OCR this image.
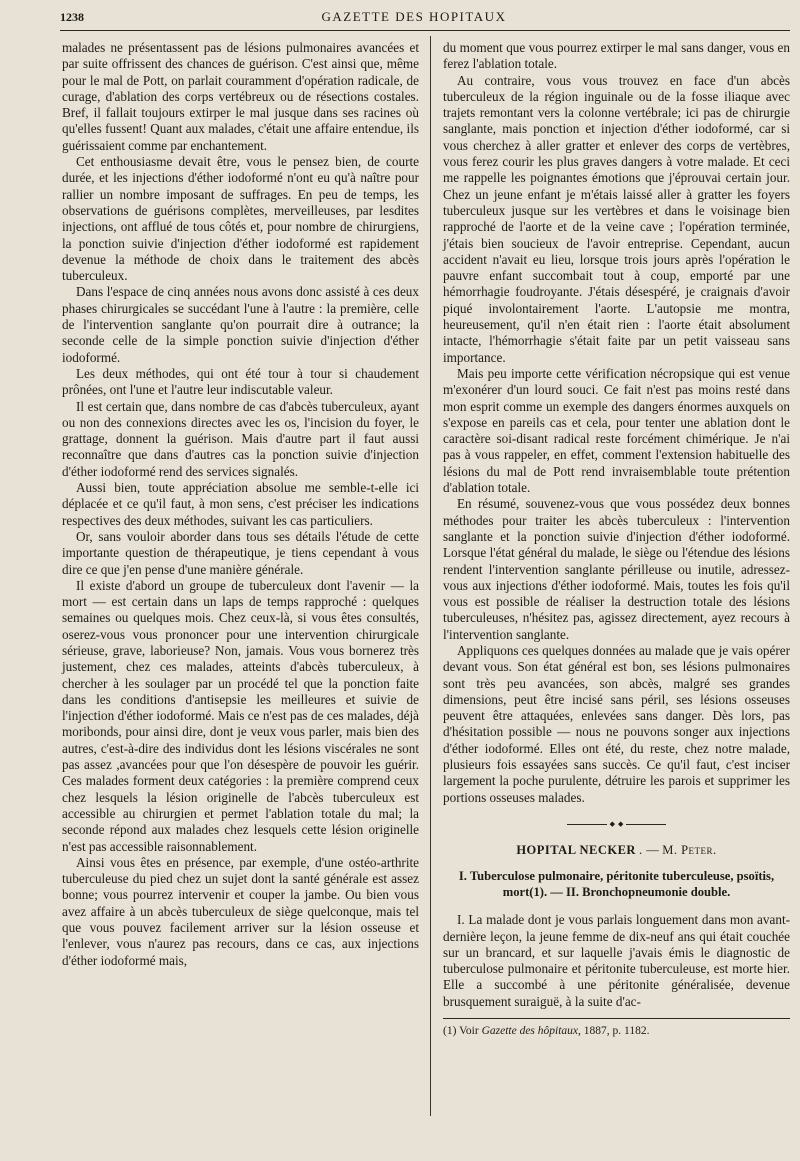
1238	GAZETTE DES HOPITAUX

malades ne présentassent pas de lésions pulmonaires avancées et par suite offrissent des chances de guérison. C'est ainsi que, même pour le mal de Pott, on parlait couramment d'opération radicale, de curage, d'ablation des corps vertébreux ou de résections costales. Bref, il fallait toujours extirper le mal jusque dans ses racines où qu'elles fussent! Quant aux malades, c'était une affaire entendue, ils guérissaient comme par enchantement.

Cet enthousiasme devait être, vous le pensez bien, de courte durée, et les injections d'éther iodoformé n'ont eu qu'à naître pour rallier un nombre imposant de suffrages. En peu de temps, les observations de guérisons complètes, merveilleuses, par lesdites injections, ont afflué de tous côtés et, pour nombre de chirurgiens, la ponction suivie d'injection d'éther iodoformé est rapidement devenue la méthode de choix dans le traitement des abcès tuberculeux.

Dans l'espace de cinq années nous avons donc assisté à ces deux phases chirurgicales se succédant l'une à l'autre : la première, celle de l'intervention sanglante qu'on pourrait dire à outrance; la seconde celle de la simple ponction suivie d'injection d'éther iodoformé.

Les deux méthodes, qui ont été tour à tour si chaudement prônées, ont l'une et l'autre leur indiscutable valeur.

Il est certain que, dans nombre de cas d'abcès tuberculeux, ayant ou non des connexions directes avec les os, l'incision du foyer, le grattage, donnent la guérison. Mais d'autre part il faut aussi reconnaître que dans d'autres cas la ponction suivie d'injection d'éther iodoformé rend des services signalés.

Aussi bien, toute appréciation absolue me semble-t-elle ici déplacée et ce qu'il faut, à mon sens, c'est préciser les indications respectives des deux méthodes, suivant les cas particuliers.

Or, sans vouloir aborder dans tous ses détails l'étude de cette importante question de thérapeutique, je tiens cependant à vous dire ce que j'en pense d'une manière générale.

Il existe d'abord un groupe de tuberculeux dont l'avenir — la mort — est certain dans un laps de temps rapproché : quelques semaines ou quelques mois. Chez ceux-là, si vous êtes consultés, oserez-vous vous prononcer pour une intervention chirurgicale sérieuse, grave, laborieuse? Non, jamais. Vous vous bornerez très justement, chez ces malades, atteints d'abcès tuberculeux, à chercher à les soulager par un procédé tel que la ponction faite dans les conditions d'antisepsie les meilleures et suivie de l'injection d'éther iodoformé. Mais ce n'est pas de ces malades, déjà moribonds, pour ainsi dire, dont je veux vous parler, mais bien des autres, c'est-à-dire des individus dont les lésions viscérales ne sont pas assez ,avancées pour que l'on désespère de pouvoir les guérir. Ces malades forment deux catégories : la première comprend ceux chez lesquels la lésion originelle de l'abcès tuberculeux est accessible au chirurgien et permet l'ablation totale du mal; la seconde répond aux malades chez lesquels cette lésion originelle n'est pas accessible raisonnablement.

Ainsi vous êtes en présence, par exemple, d'une ostéo-arthrite tuberculeuse du pied chez un sujet dont la santé générale est assez bonne; vous pourrez intervenir et couper la jambe. Ou bien vous avez affaire à un abcès tuberculeux de siège quelconque, mais tel que vous pouvez facilement arriver sur la lésion osseuse et l'enlever, vous n'aurez pas recours, dans ce cas, aux injections d'éther iodoformé mais,

du moment que vous pourrez extirper le mal sans danger, vous en ferez l'ablation totale.

Au contraire, vous vous trouvez en face d'un abcès tuberculeux de la région inguinale ou de la fosse iliaque avec trajets remontant vers la colonne vertébrale; ici pas de chirurgie sanglante, mais ponction et injection d'éther iodoformé, car si vous cherchez à aller gratter et enlever des corps de vertèbres, vous ferez courir les plus graves dangers à votre malade. Et ceci me rappelle les poignantes émotions que j'éprouvai certain jour. Chez un jeune enfant je m'étais laissé aller à gratter les foyers tuberculeux jusque sur les vertèbres et dans le voisinage bien rapproché de l'aorte et de la veine cave ; l'opération terminée, j'étais bien soucieux de l'avoir entreprise. Cependant, aucun accident n'avait eu lieu, lorsque trois jours après l'opération le pauvre enfant succombait tout à coup, emporté par une hémorrhagie foudroyante. J'étais désespéré, je craignais d'avoir piqué involontairement l'aorte. L'autopsie me montra, heureusement, qu'il n'en était rien : l'aorte était absolument intacte, l'hémorrhagie s'était faite par un petit vaisseau sans importance.

Mais peu importe cette vérification nécropsique qui est venue m'exonérer d'un lourd souci. Ce fait n'est pas moins resté dans mon esprit comme un exemple des dangers énormes auxquels on s'expose en pareils cas et cela, pour tenter une ablation dont le caractère soi-disant radical reste forcément chimérique. Je n'ai pas à vous rappeler, en effet, comment l'extension habituelle des lésions du mal de Pott rend invraisemblable toute prétention d'ablation totale.

En résumé, souvenez-vous que vous possédez deux bonnes méthodes pour traiter les abcès tuberculeux : l'intervention sanglante et la ponction suivie d'injection d'éther iodoformé. Lorsque l'état général du malade, le siège ou l'étendue des lésions rendent l'intervention sanglante périlleuse ou inutile, adressez-vous aux injections d'éther iodoformé. Mais, toutes les fois qu'il vous est possible de réaliser la destruction totale des lésions tuberculeuses, n'hésitez pas, agissez directement, ayez recours à l'intervention sanglante.

Appliquons ces quelques données au malade que je vais opérer devant vous. Son état général est bon, ses lésions pulmonaires sont très peu avancées, son abcès, malgré ses grandes dimensions, peut être incisé sans péril, ses lésions osseuses peuvent être attaquées, enlevées sans danger. Dès lors, pas d'hésitation possible — nous ne pouvons songer aux injections d'éther iodoformé. Elles ont été, du reste, chez notre malade, plusieurs fois essayées sans succès. Ce qu'il faut, c'est inciser largement la poche purulente, détruire les parois et supprimer les portions osseuses malades.

◆ ◆
HOPITAL NECKER . — M. Peter.
I. Tuberculose pulmonaire, péritonite tuberculeuse, psoïtis, mort(1). — II. Bronchopneumonie double.

I. La malade dont je vous parlais longuement dans mon avant-dernière leçon, la jeune femme de dix-neuf ans qui était couchée sur un brancard, et sur laquelle j'avais émis le diagnostic de tuberculose pulmonaire et péritonite tuberculeuse, est morte hier. Elle a succombé à une péritonite généralisée, devenue brusquement suraiguë, à la suite d'ac-

(1) Voir Gazette des hôpitaux, 1887, p. 1182.
